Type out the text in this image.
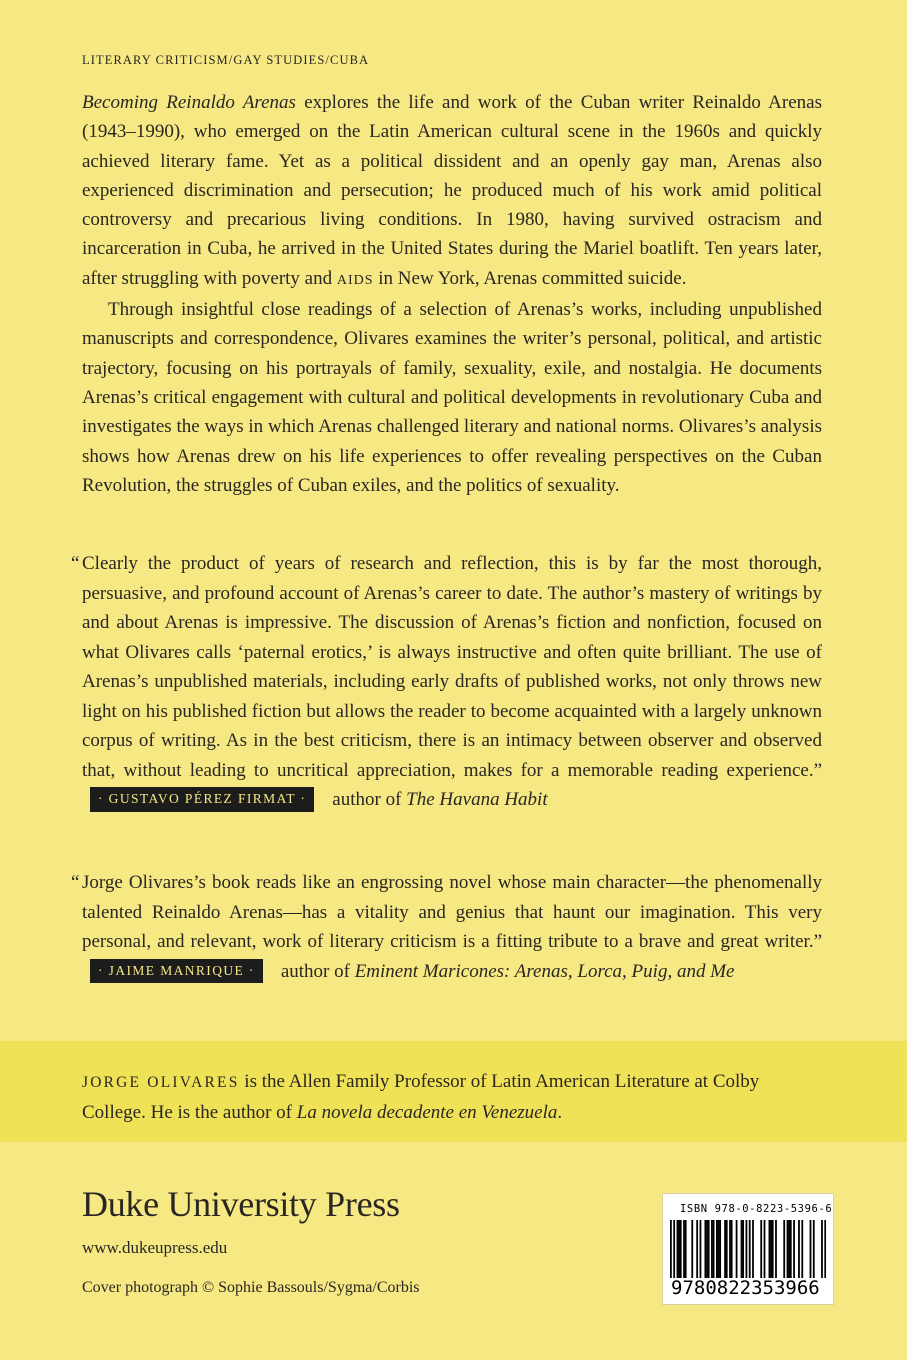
LITERARY CRITICISM/GAY STUDIES/CUBA

Becoming Reinaldo Arenas explores the life and work of the Cuban writer Reinaldo Arenas (1943–1990), who emerged on the Latin American cultural scene in the 1960s and quickly achieved literary fame. Yet as a political dissident and an openly gay man, Arenas also experienced discrimination and persecution; he produced much of his work amid political controversy and precarious living conditions. In 1980, having survived ostracism and incarceration in Cuba, he arrived in the United States during the Mariel boatlift. Ten years later, after struggling with poverty and AIDS in New York, Arenas committed suicide.

Through insightful close readings of a selection of Arenas’s works, including unpublished manuscripts and correspondence, Olivares examines the writer’s personal, political, and artistic trajectory, focusing on his portrayals of family, sexuality, exile, and nostalgia. He documents Arenas’s critical engagement with cultural and political developments in revolutionary Cuba and investigates the ways in which Arenas challenged literary and national norms. Olivares’s analysis shows how Arenas drew on his life experiences to offer revealing perspectives on the Cuban Revolution, the struggles of Cuban exiles, and the politics of sexuality.

“ Clearly the product of years of research and reflection, this is by far the most thorough, persuasive, and profound account of Arenas’s career to date. The author’s mastery of writings by and about Arenas is impressive. The discussion of Arenas’s fiction and nonfiction, focused on what Olivares calls ‘paternal erotics,’ is always instructive and often quite brilliant. The use of Arenas’s unpublished materials, including early drafts of published works, not only throws new light on his published fiction but allows the reader to become acquainted with a largely unknown corpus of writing. As in the best criticism, there is an intimacy between observer and observed that, without leading to uncritical appreciation, makes for a memorable reading experience.”· GUSTAVO PÉREZ FIRMAT · author of The Havana Habit
“ Jorge Olivares’s book reads like an engrossing novel whose main character—the phenomenally talented Reinaldo Arenas—has a vitality and genius that haunt our imagination. This very personal, and relevant, work of literary criticism is a fitting tribute to a brave and great writer.”· JAIME MANRIQUE · author of Eminent Maricones: Arenas, Lorca, Puig, and Me
JORGE OLIVARES is the Allen Family Professor of Latin American Literature at Colby College. He is the author of La novela decadente en Venezuela.
Duke University Press
www.dukeupress.edu
Cover photograph © Sophie Bassouls/Sygma/Corbis
ISBN 978-0-8223-5396-6
9780822353966
